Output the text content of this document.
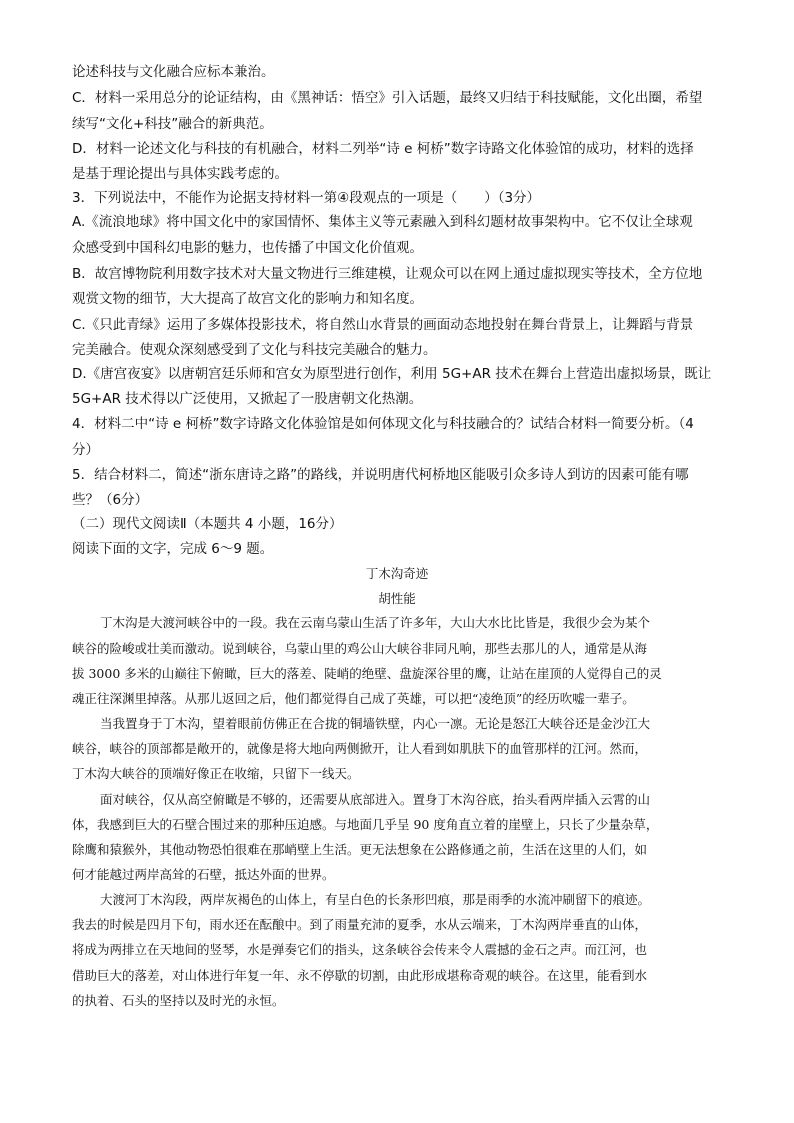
论述科技与文化融合应标本兼治。
C．材料一采用总分的论证结构，由《黑神话：悟空》引入话题，最终又归结于科技赋能，文化出圈，希望
续写“文化+科技”融合的新典范。
D．材料一论述文化与科技的有机融合，材料二列举“诗 e 柯桥”数字诗路文化体验馆的成功，材料的选择
是基于理论提出与具体实践考虑的。
3．下列说法中，不能作为论据支持材料一第④段观点的一项是（　　）（3分）
A.《流浪地球》将中国文化中的家国情怀、集体主义等元素融入到科幻题材故事架构中。它不仅让全球观
众感受到中国科幻电影的魅力，也传播了中国文化价值观。
B．故宫博物院利用数字技术对大量文物进行三维建模，让观众可以在网上通过虚拟现实等技术，全方位地
观赏文物的细节，大大提高了故宫文化的影响力和知名度。
C.《只此青绿》运用了多媒体投影技术，将自然山水背景的画面动态地投射在舞台背景上，让舞蹈与背景
完美融合。使观众深刻感受到了文化与科技完美融合的魅力。
D.《唐宫夜宴》以唐朝宫廷乐师和宫女为原型进行创作，利用 5G+AR 技术在舞台上营造出虚拟场景，既让
5G+AR 技术得以广泛使用，又掀起了一股唐朝文化热潮。
4．材料二中“诗 e 柯桥”数字诗路文化体验馆是如何体现文化与科技融合的？试结合材料一简要分析。（4
分）
5．结合材料二，简述“浙东唐诗之路”的路线，并说明唐代柯桥地区能吸引众多诗人到访的因素可能有哪
些？（6分）
（二）现代文阅读Ⅱ（本题共 4 小题，16分）
阅读下面的文字，完成 6～9 题。
丁木沟奇迹
胡性能
丁木沟是大渡河峡谷中的一段。我在云南乌蒙山生活了许多年，大山大水比比皆是，我很少会为某个
峡谷的险峻或壮美而激动。说到峡谷，乌蒙山里的鸡公山大峡谷非同凡响，那些去那儿的人，通常是从海
拔 3000 多米的山巅往下俯瞰，巨大的落差、陡峭的绝壁、盘旋深谷里的鹰，让站在崖顶的人觉得自己的灵
魂正往深渊里掉落。从那儿返回之后，他们都觉得自己成了英雄，可以把“凌绝顶”的经历吹嘘一辈子。
当我置身于丁木沟，望着眼前仿佛正在合拢的铜墙铁壁，内心一凛。无论是怒江大峡谷还是金沙江大
峡谷，峡谷的顶部都是敞开的，就像是将大地向两侧掀开，让人看到如肌肤下的血管那样的江河。然而，
丁木沟大峡谷的顶端好像正在收缩，只留下一线天。
面对峡谷，仅从高空俯瞰是不够的，还需要从底部进入。置身丁木沟谷底，抬头看两岸插入云霄的山
体，我感到巨大的石壁合围过来的那种压迫感。与地面几乎呈 90 度角直立着的崖壁上，只长了少量杂草，
除鹰和猿猴外，其他动物恐怕很难在那峭壁上生活。更无法想象在公路修通之前，生活在这里的人们，如
何才能越过两岸高耸的石壁，抵达外面的世界。
大渡河丁木沟段，两岸灰褐色的山体上，有呈白色的长条形凹痕，那是雨季的水流冲刷留下的痕迹。
我去的时候是四月下旬，雨水还在酝酿中。到了雨量充沛的夏季，水从云端来，丁木沟两岸垂直的山体，
将成为两排立在天地间的竖琴，水是弹奏它们的指头，这条峡谷会传来令人震撼的金石之声。而江河，也
借助巨大的落差，对山体进行年复一年、永不停歇的切割，由此形成堪称奇观的峡谷。在这里，能看到水
的执着、石头的坚持以及时光的永恒。
